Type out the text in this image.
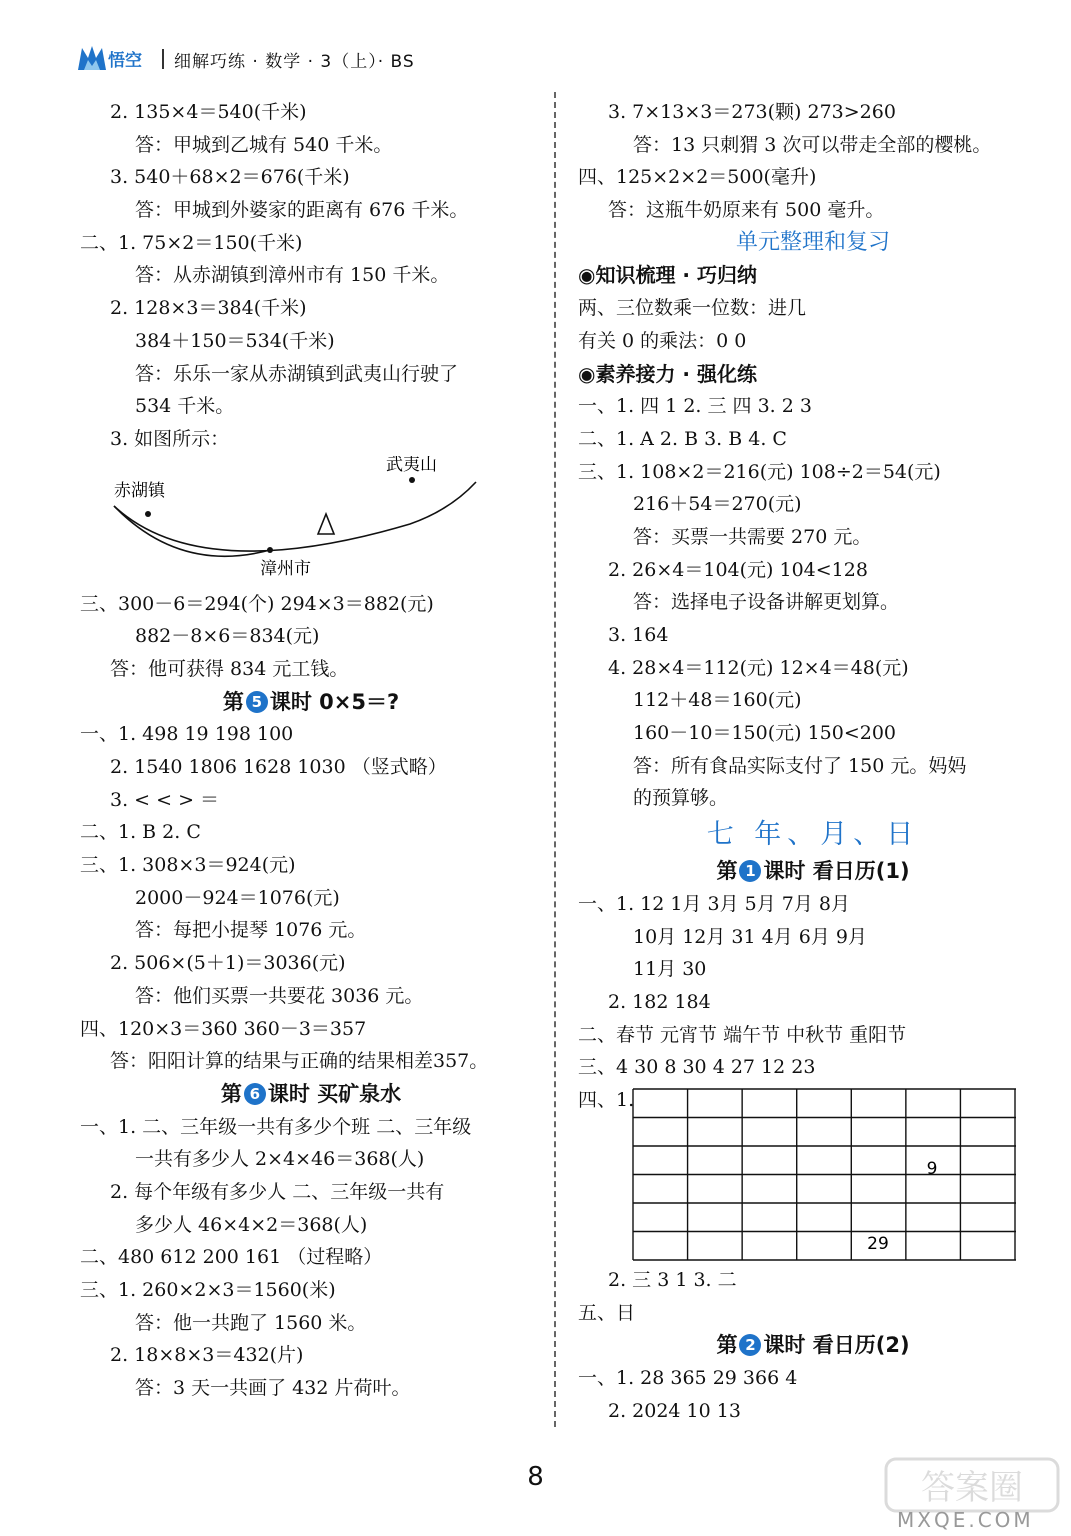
悟空 细解巧练 · 数学 · 3（上）· BS
2. 135×4＝540(千米)
答：甲城到乙城有 540 千米。
3. 540＋68×2＝676(千米)
答：甲城到外婆家的距离有 676 千米。
二、1. 75×2＝150(千米)
答：从赤湖镇到漳州市有 150 千米。
2. 128×3＝384(千米)
384＋150＝534(千米)
答：乐乐一家从赤湖镇到武夷山行驶了
534 千米。
3. 如图所示：
武夷山
赤湖镇
漳州市
三、300－6＝294(个) 294×3＝882(元)
882－8×6＝834(元)
答：他可获得 834 元工钱。
第 5 课时 0×5＝?
一、1. 498 19 198 100
2. 1540 1806 1628 1030 （竖式略）
3. < < > ＝
二、1. B 2. C
三、1. 308×3＝924(元)
2000－924＝1076(元)
答：每把小提琴 1076 元。
2. 506×(5＋1)＝3036(元)
答：他们买票一共要花 3036 元。
四、120×3＝360 360－3＝357
答：阳阳计算的结果与正确的结果相差357。
第 6 课时 买矿泉水
一、1. 二、三年级一共有多少个班 二、三年级
一共有多少人 2×4×46＝368(人)
2. 每个年级有多少人 二、三年级一共有
多少人 46×4×2＝368(人)
二、480 612 200 161 （过程略）
三、1. 260×2×3＝1560(米)
答：他一共跑了 1560 米。
2. 18×8×3＝432(片)
答：3 天一共画了 432 片荷叶。
3. 7×13×3＝273(颗) 273>260
答：13 只刺猬 3 次可以带走全部的樱桃。
四、125×2×2＝500(毫升)
答：这瓶牛奶原来有 500 毫升。
单元整理和复习
◉知识梳理 · 巧归纳
两、三位数乘一位数：进几
有关 0 的乘法：0 0
◉素养接力 · 强化练
一、1. 四 1 2. 三 四 3. 2 3
二、1. A 2. B 3. B 4. C
三、1. 108×2＝216(元) 108÷2＝54(元)
216＋54＝270(元)
答：买票一共需要 270 元。
2. 26×4＝104(元) 104<128
答：选择电子设备讲解更划算。
3. 164
4. 28×4＝112(元) 12×4＝48(元)
112＋48＝160(元)
160－10＝150(元) 150<200
答：所有食品实际支付了 150 元。妈妈
的预算够。
七 年、月、日
第 1 课时 看日历(1)
一、1. 12 1月 3月 5月 7月 8月
10月 12月 31 4月 6月 9月
11月 30
2. 182 184
二、春节 元宵节 端午节 中秋节 重阳节
三、4 30 8 30 4 27 12 23
四、1.
9
29
2. 三 3 1 3. 二
五、日
第 2 课时 看日历(2)
一、1. 28 365 29 366 4
2. 2024 10 13
8	答案圈
MXQE.COM
